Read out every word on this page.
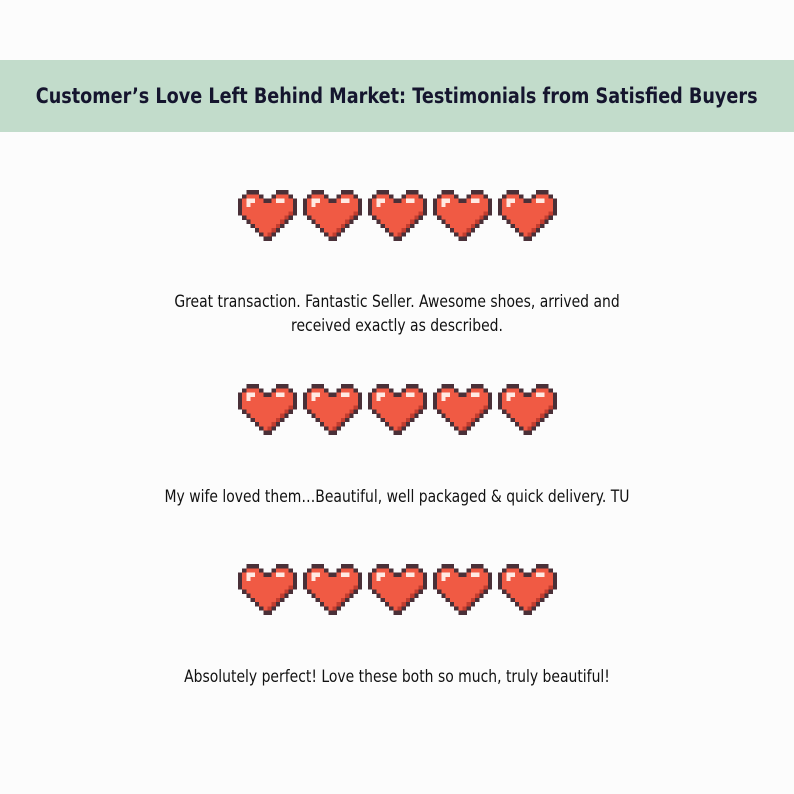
Customer’s Love Left Behind Market: Testimonials from Satisfied Buyers

Great transaction. Fantastic Seller. Awesome shoes, arrived and received exactly as described.

My wife loved them…Beautiful, well packaged & quick delivery. TU

Absolutely perfect! Love these both so much, truly beautiful!
